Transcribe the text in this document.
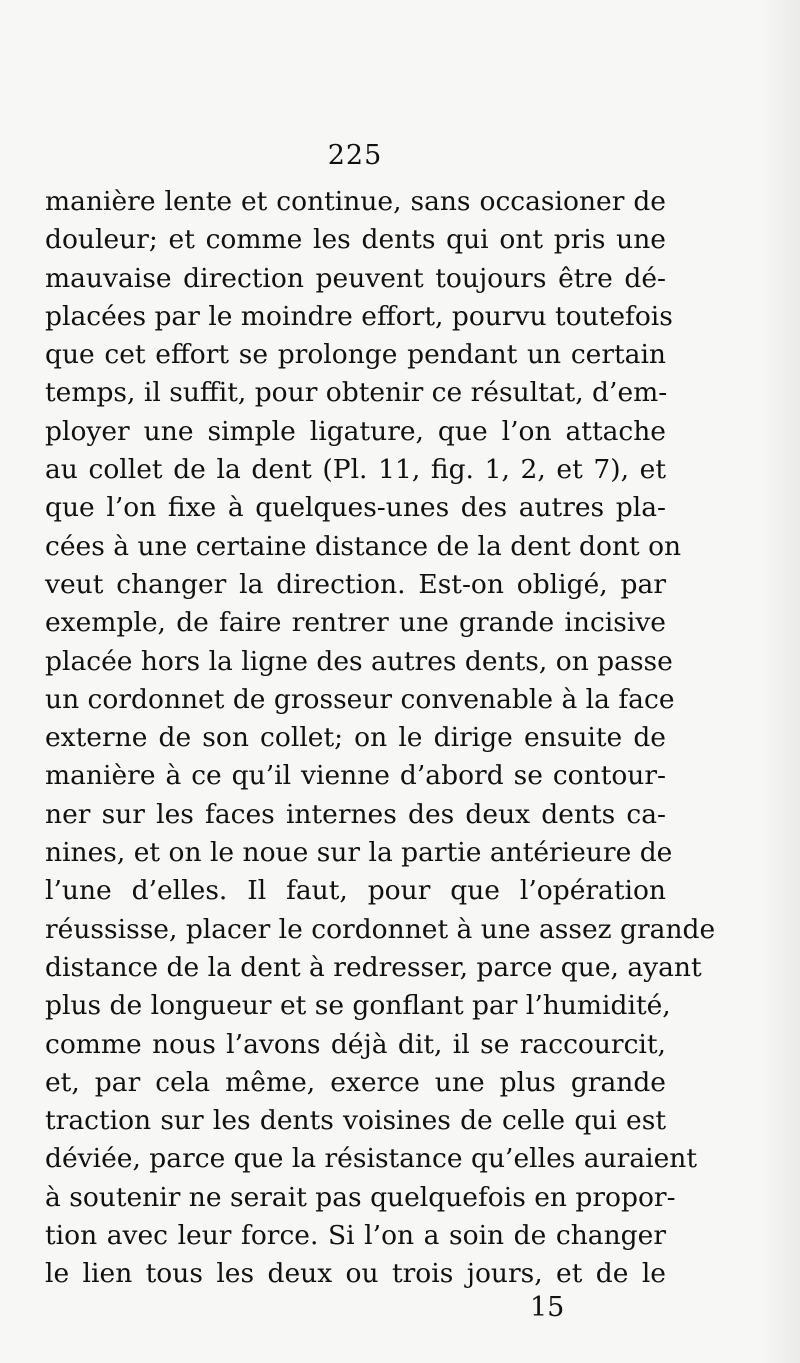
225
manière lente et continue, sans occasioner de
douleur; et comme les dents qui ont pris une
mauvaise direction peuvent toujours être dé-
placées par le moindre effort, pourvu toutefois
que cet effort se prolonge pendant un certain
temps, il suffit, pour obtenir ce résultat, d’em-
ployer une simple ligature, que l’on attache
au collet de la dent (Pl. 11, fig. 1, 2, et 7), et
que l’on fixe à quelques-unes des autres pla-
cées à une certaine distance de la dent dont on
veut changer la direction. Est-on obligé, par
exemple, de faire rentrer une grande incisive
placée hors la ligne des autres dents, on passe
un cordonnet de grosseur convenable à la face
externe de son collet; on le dirige ensuite de
manière à ce qu’il vienne d’abord se contour-
ner sur les faces internes des deux dents ca-
nines, et on le noue sur la partie antérieure de
l’une d’elles. Il faut, pour que l’opération
réussisse, placer le cordonnet à une assez grande
distance de la dent à redresser, parce que, ayant
plus de longueur et se gonflant par l’humidité,
comme nous l’avons déjà dit, il se raccourcit,
et, par cela même, exerce une plus grande
traction sur les dents voisines de celle qui est
déviée, parce que la résistance qu’elles auraient
à soutenir ne serait pas quelquefois en propor-
tion avec leur force. Si l’on a soin de changer
le lien tous les deux ou trois jours, et de le
15
